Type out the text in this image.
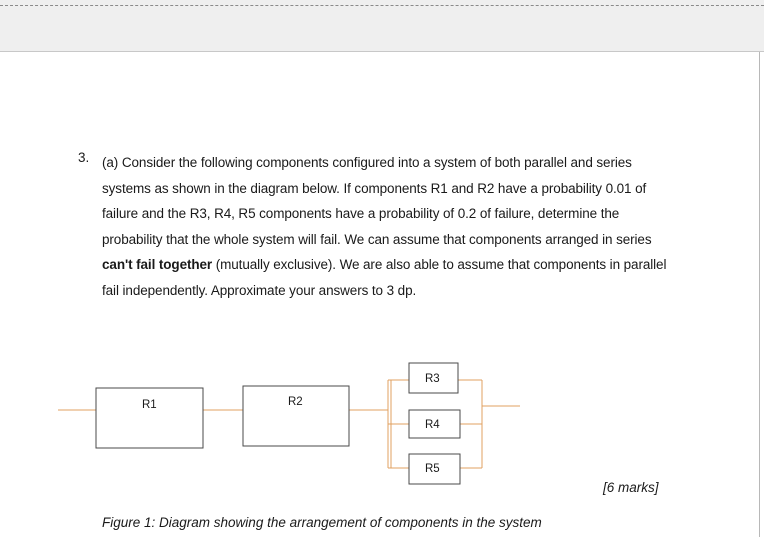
3. (a) Consider the following components configured into a system of both parallel and series systems as shown in the diagram below. If components R1 and R2 have a probability 0.01 of failure and the R3, R4, R5 components have a probability of 0.2 of failure, determine the probability that the whole system will fail. We can assume that components arranged in series can't fail together (mutually exclusive). We are also able to assume that components in parallel fail independently. Approximate your answers to 3 dp.
R1	R2
R3
R4
R5
[6 marks]
Figure 1: Diagram showing the arrangement of components in the system
